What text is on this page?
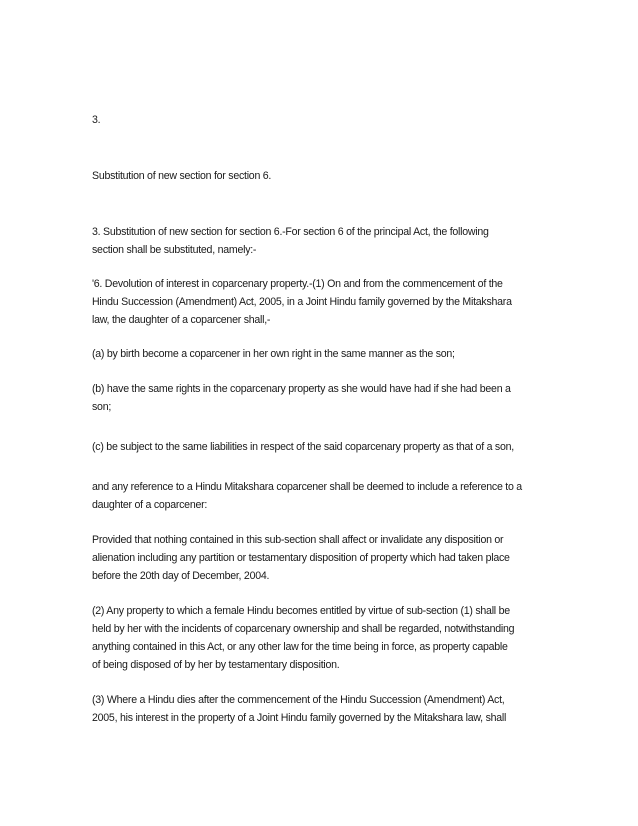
3.

Substitution of new section for section 6.

3. Substitution of new section for section 6.-For section 6 of the principal Act, the following

section shall be substituted, namely:-

'6. Devolution of interest in coparcenary property.-(1) On and from the commencement of the

Hindu Succession (Amendment) Act, 2005, in a Joint Hindu family governed by the Mitakshara

law, the daughter of a coparcener shall,-

(a) by birth become a coparcener in her own right in the same manner as the son;

(b) have the same rights in the coparcenary property as she would have had if she had been a

son;

(c) be subject to the same liabilities in respect of the said coparcenary property as that of a son,

and any reference to a Hindu Mitakshara coparcener shall be deemed to include a reference to a

daughter of a coparcener:

Provided that nothing contained in this sub-section shall affect or invalidate any disposition or

alienation including any partition or testamentary disposition of property which had taken place

before the 20th day of December, 2004.

(2) Any property to which a female Hindu becomes entitled by virtue of sub-section (1) shall be

held by her with the incidents of coparcenary ownership and shall be regarded, notwithstanding

anything contained in this Act, or any other law for the time being in force, as property capable

of being disposed of by her by testamentary disposition.

(3) Where a Hindu dies after the commencement of the Hindu Succession (Amendment) Act,

2005, his interest in the property of a Joint Hindu family governed by the Mitakshara law, shall
